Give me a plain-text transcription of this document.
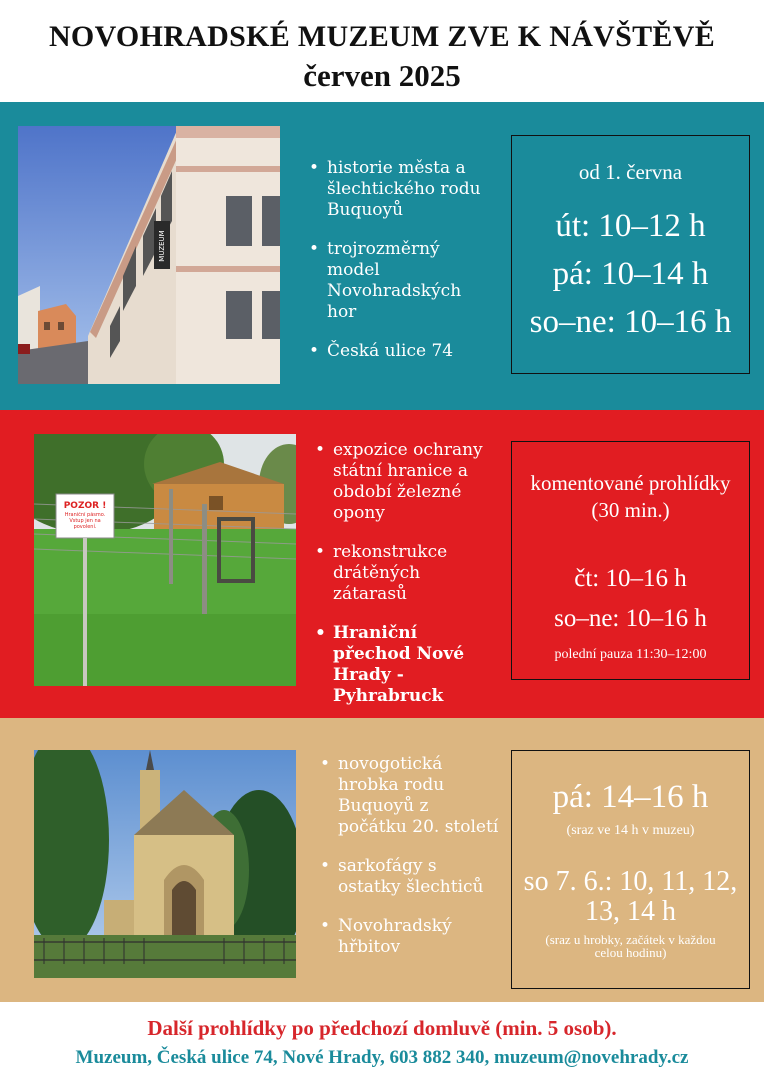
NOVOHRADSKÉ MUZEUM ZVE K NÁVŠTĚVĚ
červen 2025
MUZEUM
• historie města a šlechtického rodu Buquoyů
• trojrozměrný model Novohradských hor
• Česká ulice 74
od 1. června
út: 10–12 h
pá: 10–14 h
so–ne: 10–16 h
POZOR !
Hraniční pásmo. Vstup jen na povolení.
• expozice ochrany státní hranice a období železné opony
• rekonstrukce drátěných zátarasů
• Hraniční přechod Nové Hrady - Pyhrabruck
komentované prohlídky (30 min.)
čt: 10–16 h
so–ne: 10–16 h
polední pauza 11:30–12:00
• novogotická hrobka rodu Buquoyů z počátku 20. století
• sarkofágy s ostatky šlechticů
• Novohradský hřbitov
pá: 14–16 h
(sraz ve 14 h v muzeu)
so 7. 6.: 10, 11, 12, 13, 14 h
(sraz u hrobky, začátek v každou celou hodinu)
Další prohlídky po předchozí domluvě (min. 5 osob).
Muzeum, Česká ulice 74, Nové Hrady, 603 882 340, muzeum@novehrady.cz
